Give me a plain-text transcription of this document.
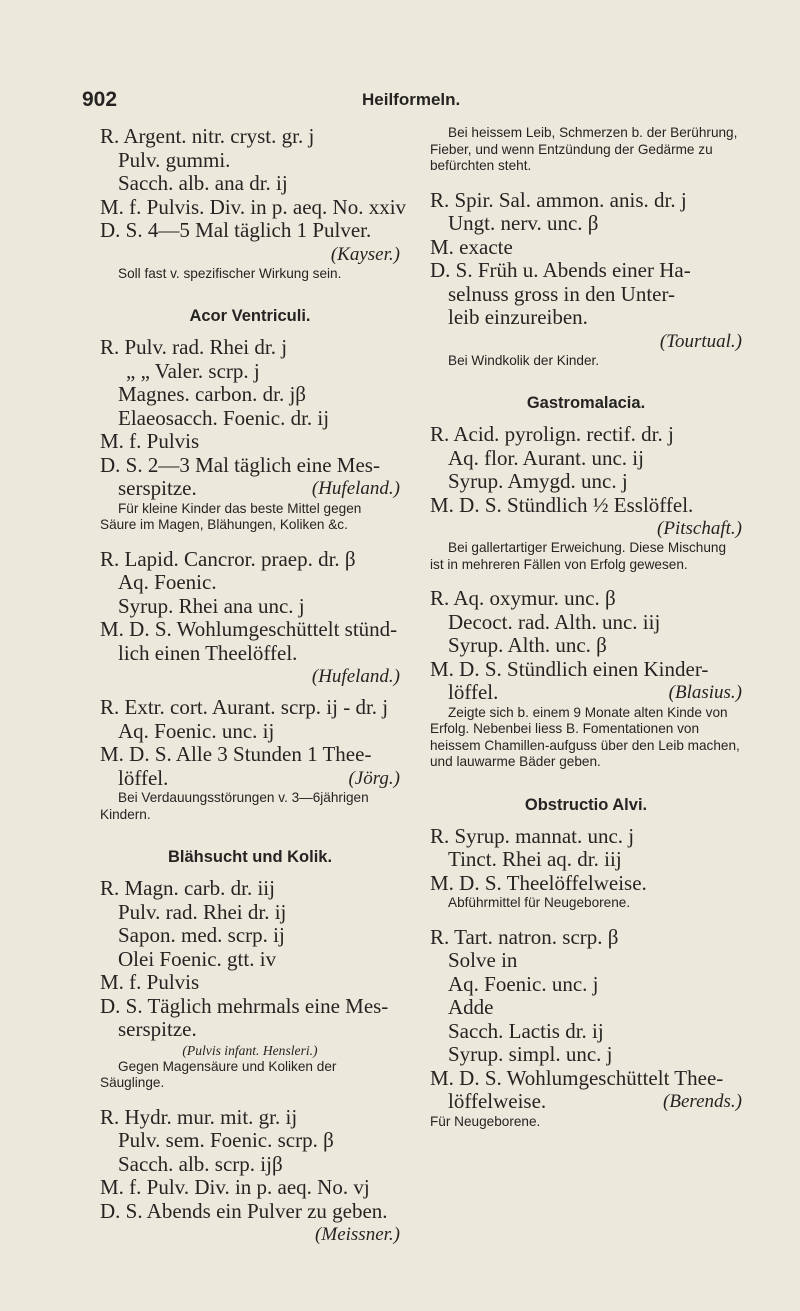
902	Heilformeln.
R. Argent. nitr. cryst. gr. j
Pulv. gummi.
Sacch. alb. ana dr. ij
M. f. Pulvis. Div. in p. aeq. No. xxiv
D. S. 4—5 Mal täglich 1 Pulver.
(Kayser.)
Soll fast v. spezifischer Wirkung sein.
Acor Ventriculi.
R. Pulv. rad. Rhei dr. j
„ „ Valer. scrp. j
Magnes. carbon. dr. jβ
Elaeosacch. Foenic. dr. ij
M. f. Pulvis
D. S. 2—3 Mal täglich eine Mes-
serspitze.	(Hufeland.)
Für kleine Kinder das beste Mittel gegen Säure im Magen, Blähungen, Koliken &c.
R. Lapid. Cancror. praep. dr. β
Aq. Foenic.
Syrup. Rhei ana unc. j
M. D. S. Wohlumgeschüttelt stünd-
lich einen Theelöffel.
(Hufeland.)
R. Extr. cort. Aurant. scrp. ij - dr. j
Aq. Foenic. unc. ij
M. D. S. Alle 3 Stunden 1 Thee-
löffel.	(Jörg.)
Bei Verdauungsstörungen v. 3—6jährigen Kindern.
Blähsucht und Kolik.
R. Magn. carb. dr. iij
Pulv. rad. Rhei dr. ij
Sapon. med. scrp. ij
Olei Foenic. gtt. iv
M. f. Pulvis
D. S. Täglich mehrmals eine Mes-
serspitze.
(Pulvis infant. Hensleri.)
Gegen Magensäure und Koliken der Säuglinge.
R. Hydr. mur. mit. gr. ij
Pulv. sem. Foenic. scrp. β
Sacch. alb. scrp. ijβ
M. f. Pulv. Div. in p. aeq. No. vj
D. S. Abends ein Pulver zu geben.
(Meissner.)
Bei heissem Leib, Schmerzen b. der Berührung, Fieber, und wenn Entzündung der Gedärme zu befürchten steht.
R. Spir. Sal. ammon. anis. dr. j
Ungt. nerv. unc. β
M. exacte
D. S. Früh u. Abends einer Ha-
selnuss gross in den Unter-
leib einzureiben.
(Tourtual.)
Bei Windkolik der Kinder.
Gastromalacia.
R. Acid. pyrolign. rectif. dr. j
Aq. flor. Aurant. unc. ij
Syrup. Amygd. unc. j
M. D. S. Stündlich ½ Esslöffel.
(Pitschaft.)
Bei gallertartiger Erweichung. Diese Mischung ist in mehreren Fällen von Erfolg gewesen.
R. Aq. oxymur. unc. β
Decoct. rad. Alth. unc. iij
Syrup. Alth. unc. β
M. D. S. Stündlich einen Kinder-
löffel.	(Blasius.)
Zeigte sich b. einem 9 Monate alten Kinde von Erfolg. Nebenbei liess B. Fomentationen von heissem Chamillen-aufguss über den Leib machen, und lauwarme Bäder geben.
Obstructio Alvi.
R. Syrup. mannat. unc. j
Tinct. Rhei aq. dr. iij
M. D. S. Theelöffelweise.
Abführmittel für Neugeborene.
R. Tart. natron. scrp. β
Solve in
Aq. Foenic. unc. j
Adde
Sacch. Lactis dr. ij
Syrup. simpl. unc. j
M. D. S. Wohlumgeschüttelt Thee-
löffelweise.	(Berends.)
Für Neugeborene.
